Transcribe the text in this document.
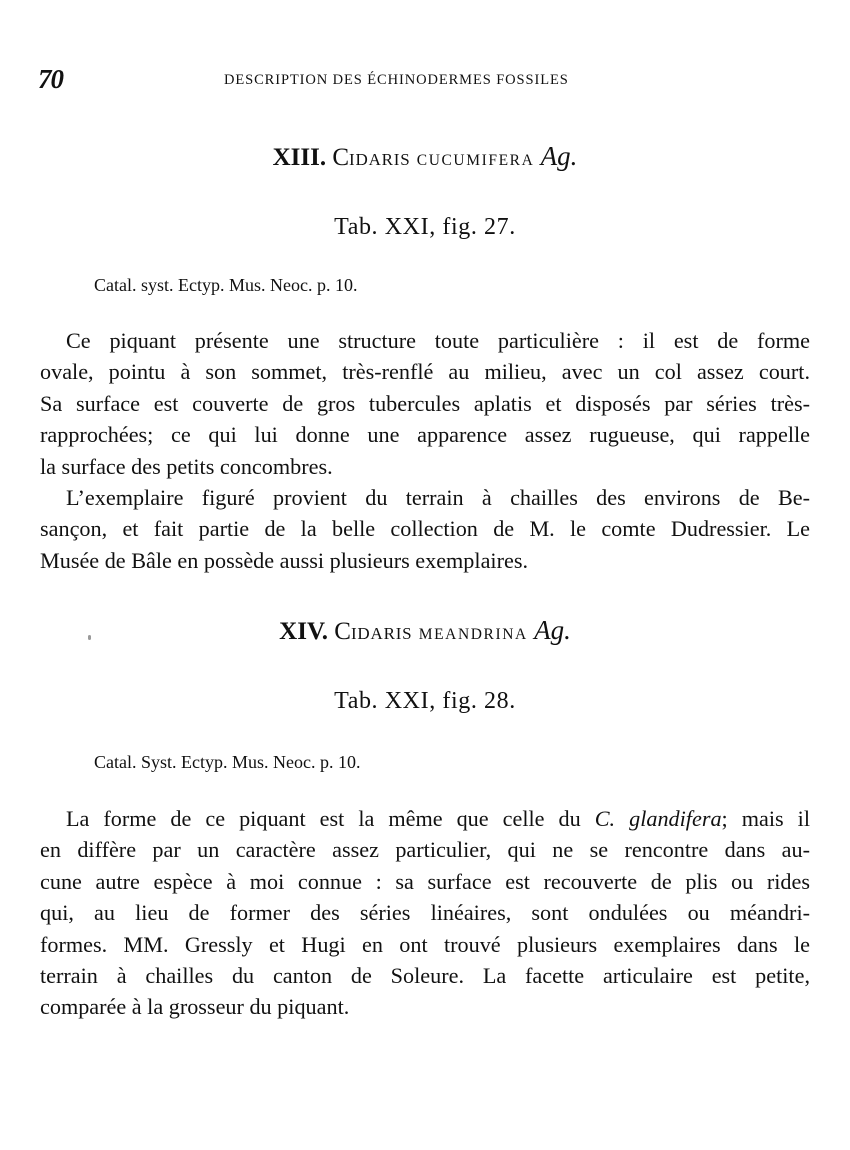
70	DESCRIPTION DES ÉCHINODERMES FOSSILES
XIII. CIDARIS CUCUMIFERA Ag.
Tab. XXI, fig. 27.
Catal. syst. Ectyp. Mus. Neoc. p. 10.
Ce piquant présente une structure toute particulière : il est de forme
ovale, pointu à son sommet, très-renflé au milieu, avec un col assez court.
Sa surface est couverte de gros tubercules aplatis et disposés par séries très-
rapprochées; ce qui lui donne une apparence assez rugueuse, qui rappelle
la surface des petits concombres.
L’exemplaire figuré provient du terrain à chailles des environs de Be-
sançon, et fait partie de la belle collection de M. le comte Dudressier. Le
Musée de Bâle en possède aussi plusieurs exemplaires.
XIV. CIDARIS MEANDRINA Ag.
Tab. XXI, fig. 28.
Catal. Syst. Ectyp. Mus. Neoc. p. 10.
La forme de ce piquant est la même que celle du C. glandifera; mais il
en diffère par un caractère assez particulier, qui ne se rencontre dans au-
cune autre espèce à moi connue : sa surface est recouverte de plis ou rides
qui, au lieu de former des séries linéaires, sont ondulées ou méandri-
formes. MM. Gressly et Hugi en ont trouvé plusieurs exemplaires dans le
terrain à chailles du canton de Soleure. La facette articulaire est petite,
comparée à la grosseur du piquant.
